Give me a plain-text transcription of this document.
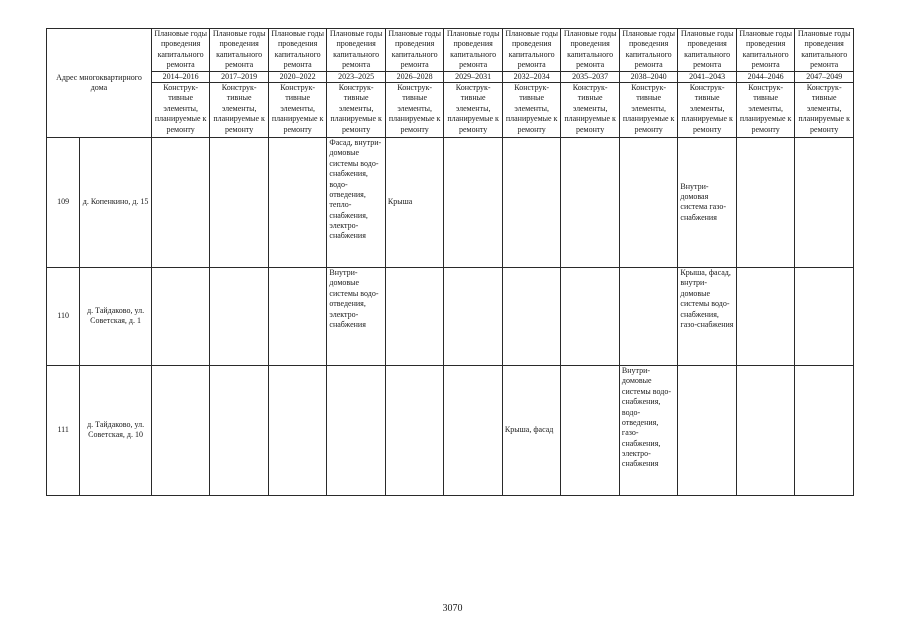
Адрес многоквартирного дома		Плановые годы проведения капитального ремонта	Плановые годы проведения капитального ремонта	Плановые годы проведения капитального ремонта	Плановые годы проведения капитального ремонта	Плановые годы проведения капитального ремонта	Плановые годы проведения капитального ремонта	Плановые годы проведения капитального ремонта	Плановые годы проведения капитального ремонта	Плановые годы проведения капитального ремонта	Плановые годы проведения капитального ремонта	Плановые годы проведения капитального ремонта	Плановые годы проведения капитального ремонта
		2014–2016	2017–2019	2020–2022	2023–2025	2026–2028	2029–2031	2032–2034	2035–2037	2038–2040	2041–2043	2044–2046	2047–2049
		Конструк-тивные элементы, планируемые к ремонту	Конструк-тивные элементы, планируемые к ремонту	Конструк-тивные элементы, планируемые к ремонту	Конструк-тивные элементы, планируемые к ремонту	Конструк-тивные элементы, планируемые к ремонту	Конструк-тивные элементы, планируемые к ремонту	Конструк-тивные элементы, планируемые к ремонту	Конструк-тивные элементы, планируемые к ремонту	Конструк-тивные элементы, планируемые к ремонту	Конструк-тивные элементы, планируемые к ремонту	Конструк-тивные элементы, планируемые к ремонту	Конструк-тивные элементы, планируемые к ремонту
109	д. Копенкино, д. 15				Фасад, внутри-домовые системы водо-снабжения, водо-отведения, тепло-снабжения, электро-снабжения	Крыша					Внутри-домовая система газо-снабжения		
110	д. Тайдаково, ул. Советская, д. 1				Внутри-домовые системы водо-отведения, электро-снабжения						Крыша, фасад, внутри-домовые системы водо-снабжения, газо-снабжения		
111	д. Тайдаково, ул. Советская, д. 10							Крыша, фасад		Внутри-домовые системы водо-снабжения, водо-отведения, газо-снабжения, электро-снабжения			
3070
